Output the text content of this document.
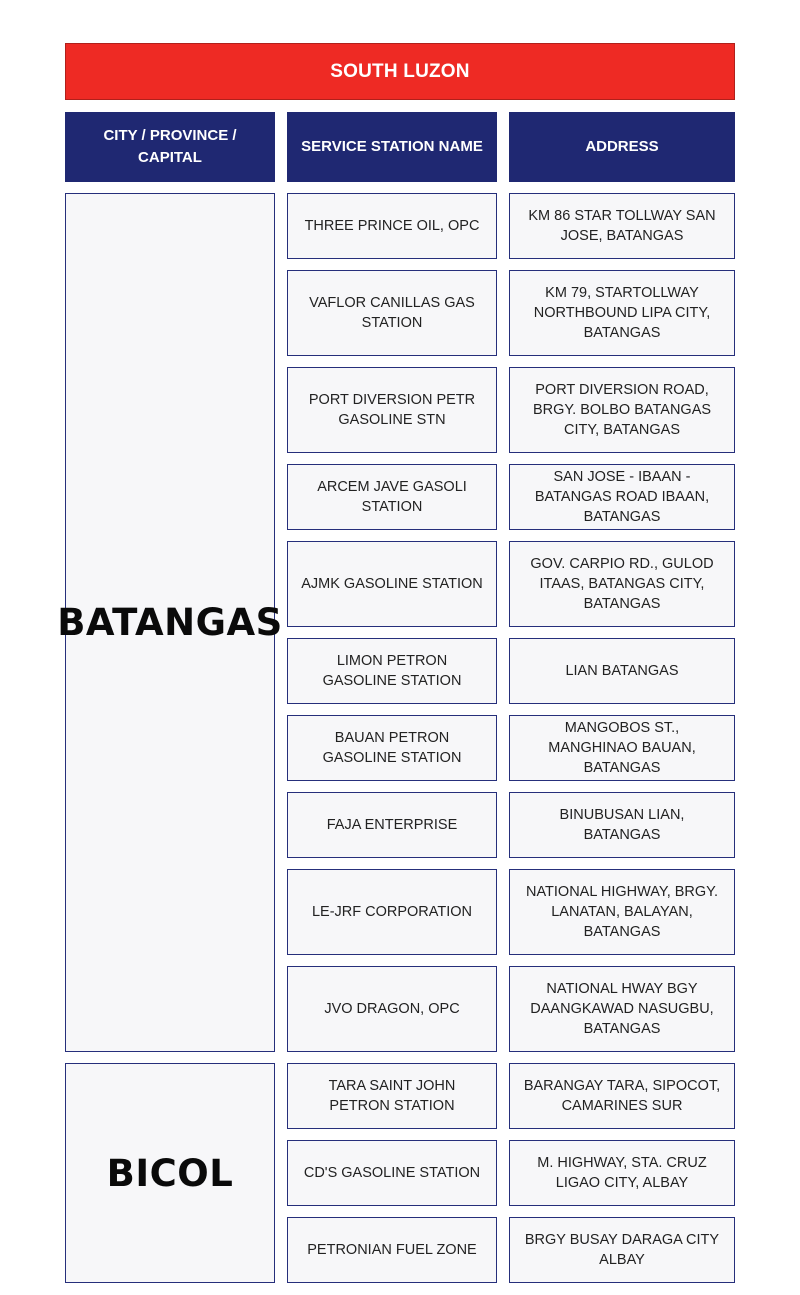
SOUTH LUZON
CITY / PROVINCE / CAPITAL
SERVICE STATION NAME	ADDRESS
BATANGAS
THREE PRINCE OIL, OPC
KM 86 STAR TOLLWAY SAN JOSE, BATANGAS
VAFLOR CANILLAS GAS STATION
KM 79, STARTOLLWAY NORTHBOUND LIPA CITY, BATANGAS
PORT DIVERSION PETR GASOLINE STN
PORT DIVERSION ROAD, BRGY. BOLBO BATANGAS CITY, BATANGAS
ARCEM JAVE GASOLI STATION
SAN JOSE - IBAAN - BATANGAS ROAD IBAAN, BATANGAS
AJMK GASOLINE STATION
GOV. CARPIO RD., GULOD ITAAS, BATANGAS CITY, BATANGAS
LIMON PETRON GASOLINE STATION
LIAN BATANGAS
BAUAN PETRON GASOLINE STATION
MANGOBOS ST., MANGHINAO BAUAN, BATANGAS
FAJA ENTERPRISE
BINUBUSAN LIAN, BATANGAS
LE-JRF CORPORATION
NATIONAL HIGHWAY, BRGY. LANATAN, BALAYAN, BATANGAS
JVO DRAGON, OPC
NATIONAL HWAY BGY DAANGKAWAD NASUGBU, BATANGAS
BICOL
TARA SAINT JOHN PETRON STATION
BARANGAY TARA, SIPOCOT, CAMARINES SUR
CD'S GASOLINE STATION
M. HIGHWAY, STA. CRUZ LIGAO CITY, ALBAY
PETRONIAN FUEL ZONE
BRGY BUSAY DARAGA CITY ALBAY
